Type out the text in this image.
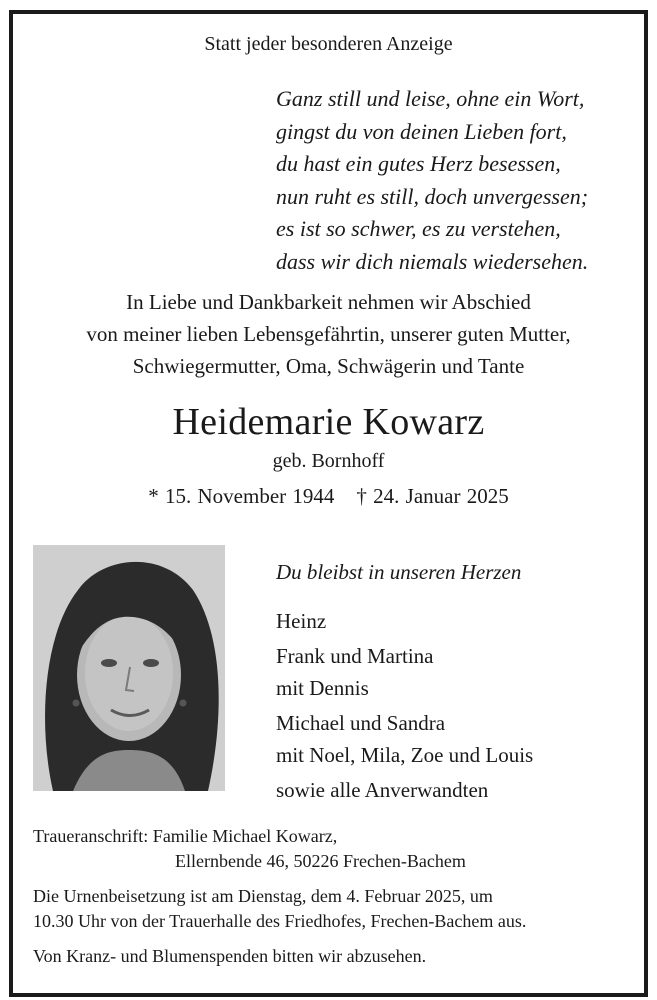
Statt jeder besonderen Anzeige
Ganz still und leise, ohne ein Wort,
gingst du von deinen Lieben fort,
du hast ein gutes Herz besessen,
nun ruht es still, doch unvergessen;
es ist so schwer, es zu verstehen,
dass wir dich niemals wiedersehen.
In Liebe und Dankbarkeit nehmen wir Abschied
von meiner lieben Lebensgefährtin, unserer guten Mutter,
Schwiegermutter, Oma, Schwägerin und Tante
Heidemarie Kowarz
geb. Bornhoff
* 15. November 1944 † 24. Januar 2025
Du bleibst in unseren Herzen
Heinz
Frank und Martina
mit Dennis
Michael und Sandra
mit Noel, Mila, Zoe und Louis
sowie alle Anverwandten
Traueranschrift: Familie Michael Kowarz,
Ellernbende 46, 50226 Frechen-Bachem
Die Urnenbeisetzung ist am Dienstag, dem 4. Februar 2025, um
10.30 Uhr von der Trauerhalle des Friedhofes, Frechen-Bachem aus.
Von Kranz- und Blumenspenden bitten wir abzusehen.
